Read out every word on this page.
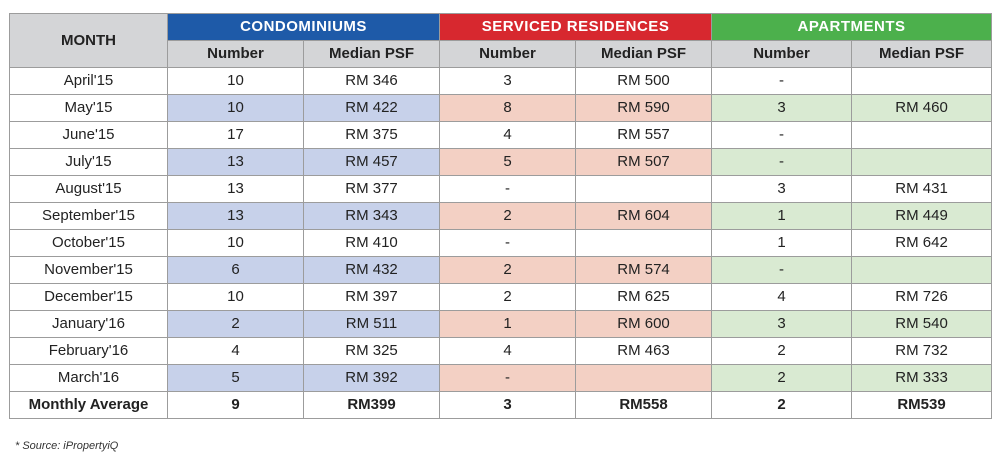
MONTH	CONDOMINIUMS		SERVICED RESIDENCES		APARTMENTS	
	Number	Median PSF	Number	Median PSF	Number	Median PSF
April'15	10	RM 346	3	RM 500	-	
May'15	10	RM 422	8	RM 590	3	RM 460
June'15	17	RM 375	4	RM 557	-	
July'15	13	RM 457	5	RM 507	-	
August'15	13	RM 377	-		3	RM 431
September'15	13	RM 343	2	RM 604	1	RM 449
October'15	10	RM 410	-		1	RM 642
November'15	6	RM 432	2	RM 574	-	
December'15	10	RM 397	2	RM 625	4	RM 726
January'16	2	RM 511	1	RM 600	3	RM 540
February'16	4	RM 325	4	RM 463	2	RM 732
March'16	5	RM 392	-		2	RM 333
Monthly Average	9	RM399	3	RM558	2	RM539
* Source: iPropertyiQ
